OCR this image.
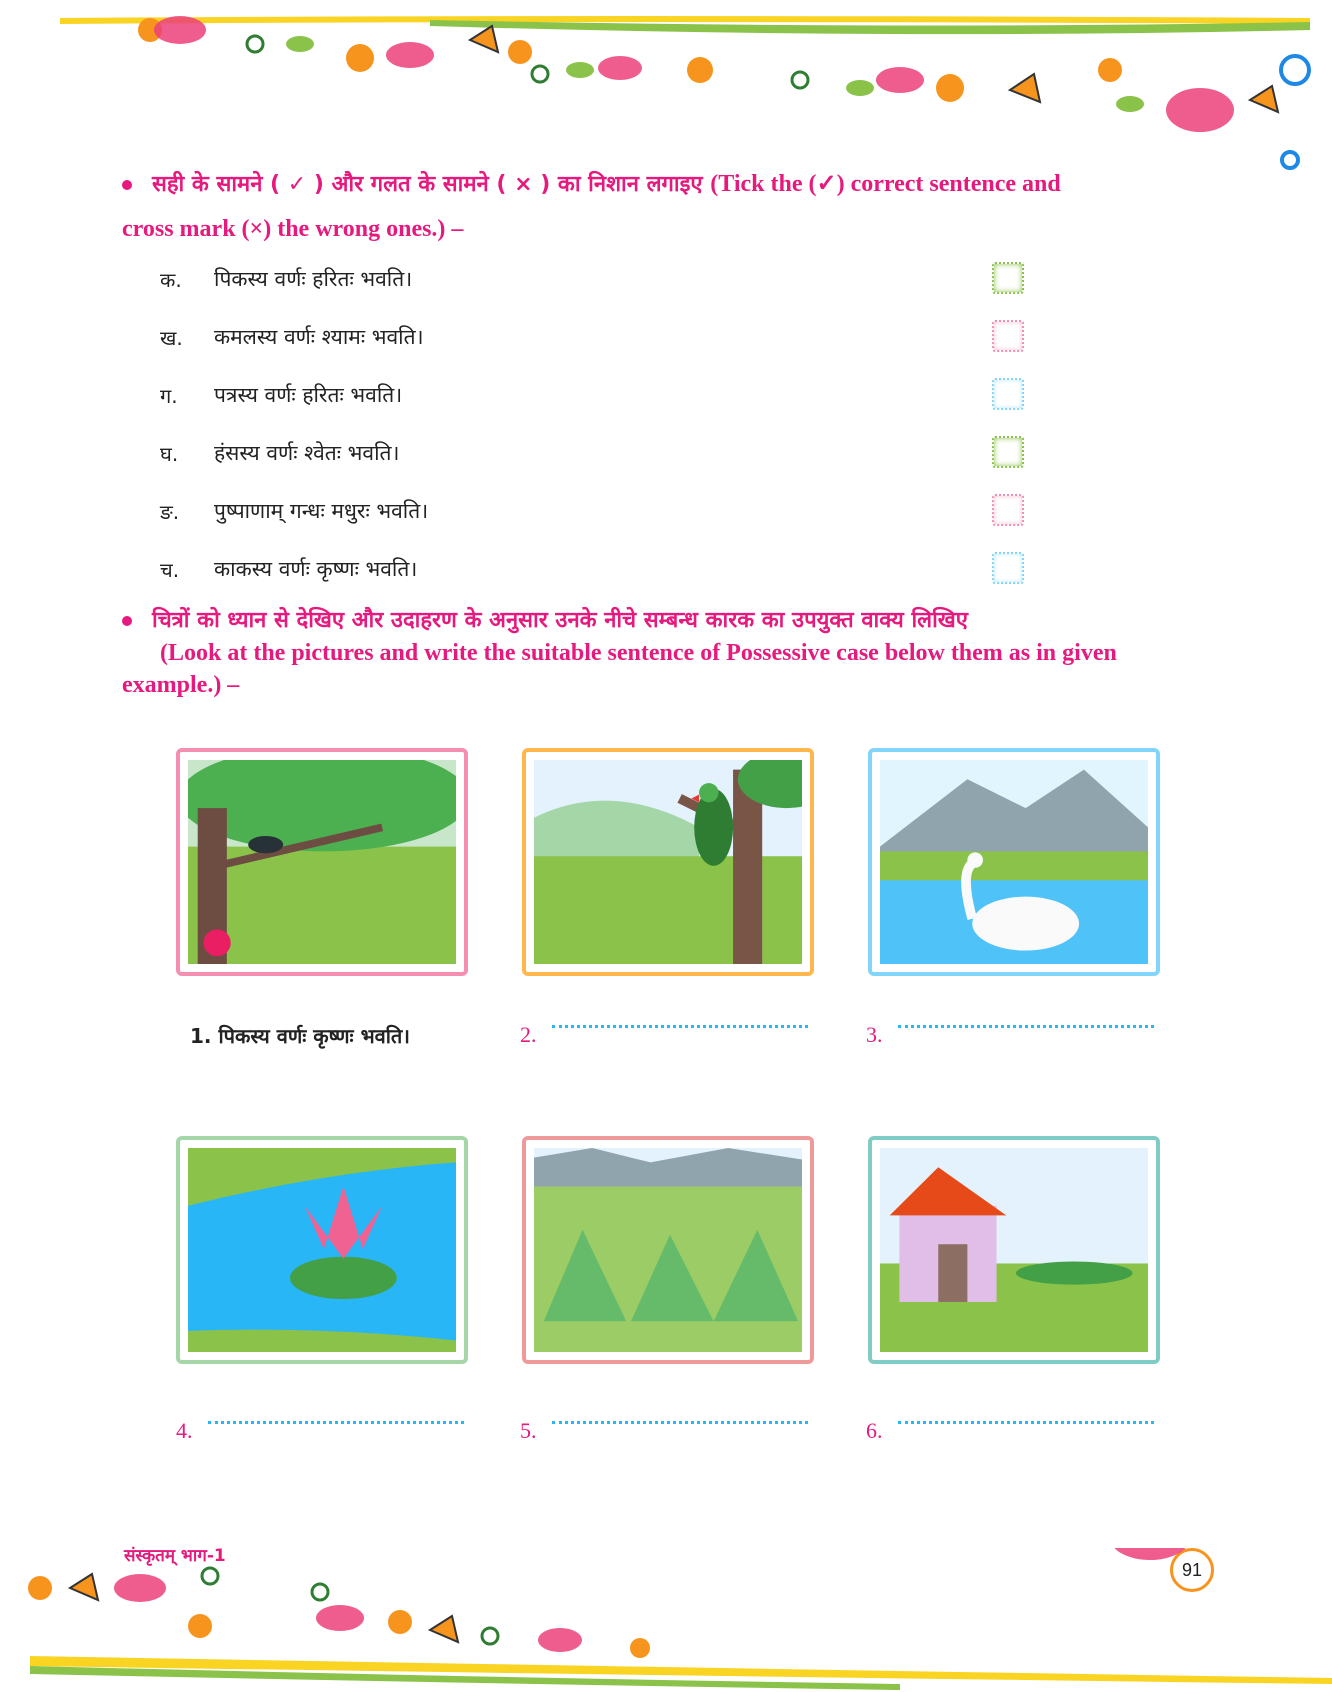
सही के सामने ( ✓ ) और गलत के सामने ( × ) का निशान लगाइए (Tick the (✓) correct sentence and
cross mark (×) the wrong ones.) –
क.	पिकस्य वर्णः हरितः भवति।
ख.	कमलस्य वर्णः श्यामः भवति।
ग.	पत्रस्य वर्णः हरितः भवति।
घ.	हंसस्य वर्णः श्वेतः भवति।
ङ.	पुष्पाणाम् गन्धः मधुरः भवति।
च.	काकस्य वर्णः कृष्णः भवति।
चित्रों को ध्यान से देखिए और उदाहरण के अनुसार उनके नीचे सम्बन्ध कारक का उपयुक्त वाक्य लिखिए
(Look at the pictures and write the suitable sentence of Possessive case below them as in given
example.) –
1. पिकस्य वर्णः कृष्णः भवति।	2.	3.
4.	5.	6.
संस्कृतम् भाग-1
91
